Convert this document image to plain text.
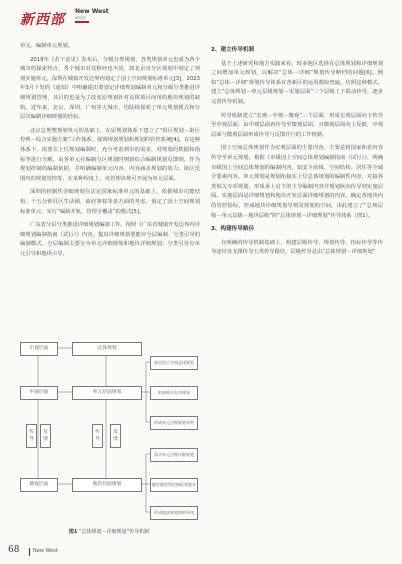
新西部
New West
新西部

单元、编制单元规划。

2019年《若干意见》发布后，分级分类规划、各类规划单元也成为各个城市的探索热点，各个城市对其称呼也不同，如北京市分区规划中划定了规划实施单元，深圳在城镇开发边界内划定了国土空间规划标准单元[3]，2023年3月下发的《通知》中明确提出要划定详细规划编制单元和分级分类推进详细规划管理，其目的也是为了改变原规划针对具体项目而用的地块规划的缺陷。近年来，北京、深圳、广州等大城市，均陆续探索了单元规划模式和分层次编制详细规划的经验。

北京总规整规划单元的基础上，在原规划体系下建立了“组区规划－街区控规－综合实施方案”工作体系，强调规划规划和规划的管控系统[4]。在这种体系下，需要在上位规划编制时，充分考虑到市的需求，对规划的数据和指标等进行分解，由各单元在编制分区规划时则到综合编制规划反馈到，作为规划控制的编制依据，并明确编制单元内容，内容涵盖规划的效力，街区范围内的规划管控等，在某种程度上，该管理该规可开展为单元层面。

深圳的控制性详细规划在法定国家标准单元的基础上，依据城市功能结构、十五分钟社区生活圈，政府事权等多方面的考虑，划定了国土空间规划标准单元，实行“编制并轨，管理全覆盖”的模式[5]。

广东省分层分类推进详细规划编制工作。按照《广东省城镇开发边界内详细规划编制指南（试行）》内容，提出详细规划要能应分层编制、分类引导的编制模式，分层编制主要分为单元详细规划和地块详细规划；分类引导分单元引导和地块引导。

2、建立传导机制

基于上述研究和地方实践来看，较多地区选择在总体规划和详细规划之间增加单元规划，以解决“总体－详细”规划传导断档的问题[6]。例如“总体－详细”规划传导体系在各新区的运用都较普遍，仿照这种模式，建立“总体规划－单元层级规划－实施层面”三个层级上下联动传导，逐步完善传导机制。

传导机制建立“宏观－中观－微观”三个层面，形成宏观层面向下传导至中观层面，由中观层面再传导至微观层面，且微观层面向上反馈，中观层面与微观层面形成传导与反馈并行的工作机制。

国土空间总体规划作为宏观层面的主要内容，主要是将国家和省内容传导至单元规划。根据《市级国土空间总体规划编制指南（试行）》，明确市级国土空间总体规划的编制内容，如安全底线、空间结构、居住等全域全要素内容。单元规划是规划衔接实上位总体规划的编制性内容，对接各类相关专项规划，形成承上启下的主导编制内容并规划纵向传导到实施层面。实施层面是详细规划和地块开发层面详细规划的内容，确定各地块内的管控指标，形成地块详细规划导则及规划的空间。由此建立了“总规层级－单元层级－地块层级”的“总体规划－详细规划”传导体系（图1）。

3、构建传导路径

在明确的传导机制基础上，构建层级传导、规划传导，指标传导等传导途径及支撑传导五类传导路径，层级传导是由“总体规划－详细规划”

宏观层面	总体规划
中观层面	单元层面规划
微观层面	地块层面规划
传导
反馈
传导
反馈
落实国土空间总体规划
衔接相关专项规划
形成单元层级规划导则
落实单元层级详细规划
确定地块管控指标和要求
形成地块规划图则导读
图1 “总体规划－详细规划”传导机制
68	New West
